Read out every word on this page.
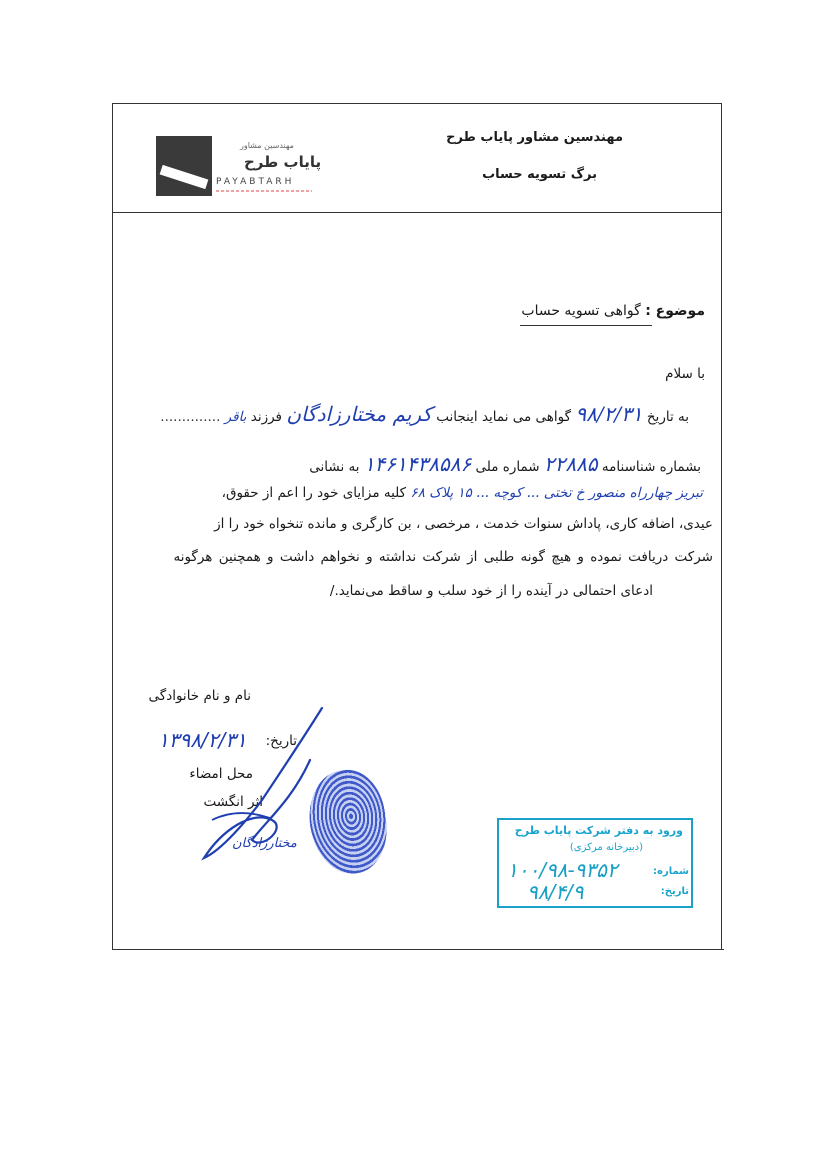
مهندسین مشاور پایاب طرح
برگ تسویه حساب
مهندسین مشاور
پایاب طرح
PAYABTARH
موضوع : گواهی تسویه حساب
با سلام
به تاریخ ۹۸/۲/۳۱ گواهی می نماید اینجانب کریم مختارزادگان فرزند باقر ..............
بشماره شناسنامه ۲۲۸۸۵ شماره ملی ۱۴۶۱۴۳۸۵۸۶ به نشانی
تبریز چهارراه منصور خ تختی ... کوچه ... ۱۵ پلاک ۶۸ کلیه مزایای خود را اعم از حقوق،
عیدی، اضافه کاری، پاداش سنوات خدمت ، مرخصی ، بن کارگری و مانده تنخواه خود را از
شرکت دریافت نموده و هیچ گونه طلبی از شرکت نداشته و نخواهم داشت و همچنین هرگونه
ادعای احتمالی در آینده را از خود سلب و ساقط می‌نماید./
نام و نام خانوادگی
تاریخ:
۱۳۹۸/۲/۳۱
محل امضاء
اثر انگشت
مختارزادگان
ورود به دفتر شرکت پایاب طرح
(دبیرخانه مرکزی)
شماره:
تاریخ:
۱۰۰/۹۸-۹۳۵۲
۹۸/۴/۹
